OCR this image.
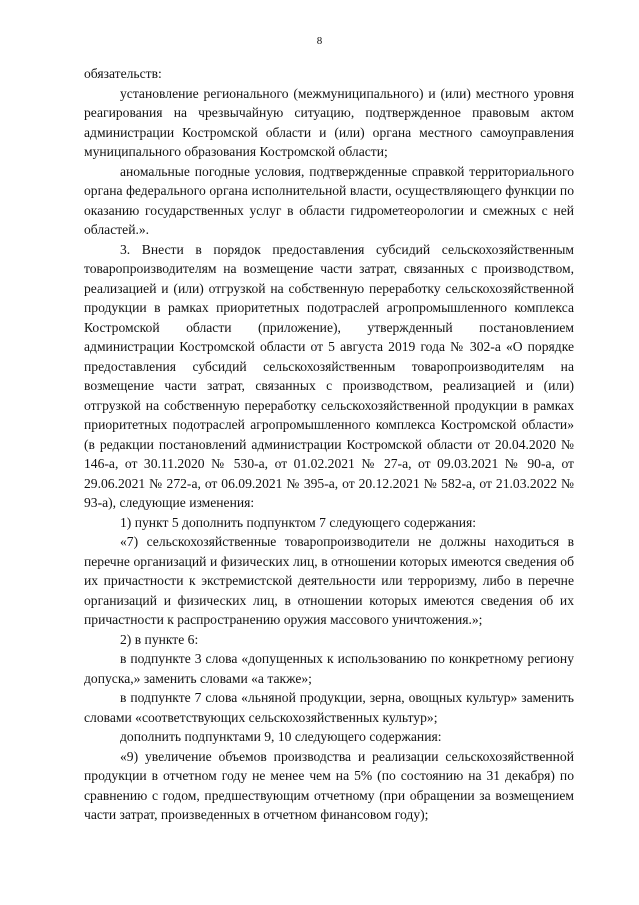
8

обязательств:

установление регионального (межмуниципального) и (или) местного уровня реагирования на чрезвычайную ситуацию, подтвержденное правовым актом администрации Костромской области и (или) органа местного самоуправления муниципального образования Костромской области;

аномальные погодные условия, подтвержденные справкой территориального органа федерального органа исполнительной власти, осуществляющего функции по оказанию государственных услуг в области гидрометеорологии и смежных с ней областей.».

3. Внести в порядок предоставления субсидий сельскохозяйственным товаропроизводителям на возмещение части затрат, связанных с производством, реализацией и (или) отгрузкой на собственную переработку сельскохозяйственной продукции в рамках приоритетных подотраслей агропромышленного комплекса Костромской области (приложение), утвержденный постановлением администрации Костромской области от 5 августа 2019 года № 302-а «О порядке предоставления субсидий сельскохозяйственным товаропроизводителям на возмещение части затрат, связанных с производством, реализацией и (или) отгрузкой на собственную переработку сельскохозяйственной продукции в рамках приоритетных подотраслей агропромышленного комплекса Костромской области» (в редакции постановлений администрации Костромской области от 20.04.2020 № 146-а, от 30.11.2020 № 530-а, от 01.02.2021 № 27-а, от 09.03.2021 № 90-а, от 29.06.2021 № 272-а, от 06.09.2021 № 395-а, от 20.12.2021 № 582-а, от 21.03.2022 № 93-а), следующие изменения:

1) пункт 5 дополнить подпунктом 7 следующего содержания:

«7) сельскохозяйственные товаропроизводители не должны находиться в перечне организаций и физических лиц, в отношении которых имеются сведения об их причастности к экстремистской деятельности или терроризму, либо в перечне организаций и физических лиц, в отношении которых имеются сведения об их причастности к распространению оружия массового уничтожения.»;

2) в пункте 6:

в подпункте 3 слова «допущенных к использованию по конкретному региону допуска,» заменить словами «а также»;

в подпункте 7 слова «льняной продукции, зерна, овощных культур» заменить словами «соответствующих сельскохозяйственных культур»;

дополнить подпунктами 9, 10 следующего содержания:

«9) увеличение объемов производства и реализации сельскохозяйственной продукции в отчетном году не менее чем на 5% (по состоянию на 31 декабря) по сравнению с годом, предшествующим отчетному (при обращении за возмещением части затрат, произведенных в отчетном финансовом году);
